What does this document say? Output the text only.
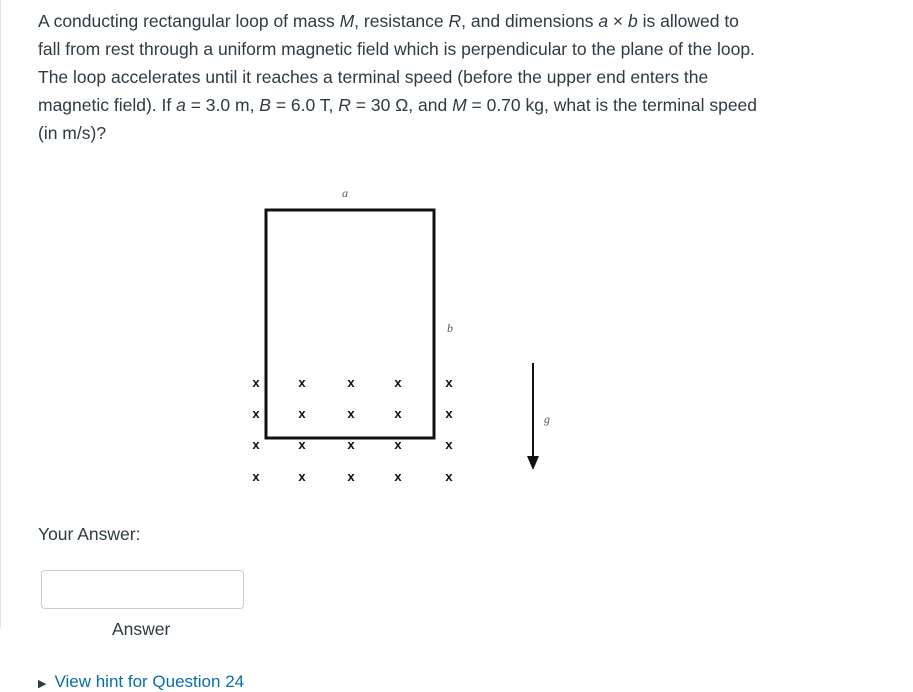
A conducting rectangular loop of mass M, resistance R, and dimensions a × b is allowed to fall from rest through a uniform magnetic field which is perpendicular to the plane of the loop. The loop accelerates until it reaches a terminal speed (before the upper end enters the magnetic field). If a = 3.0 m, B = 6.0 T, R = 30 Ω, and M = 0.70 kg, what is the terminal speed (in m/s)?

a
b
x	x	x	x	x
x	x	x	x	x
x	x	x	x	x
x	x	x	x	x
g
Your Answer:
Answer
▶ View hint for Question 24
